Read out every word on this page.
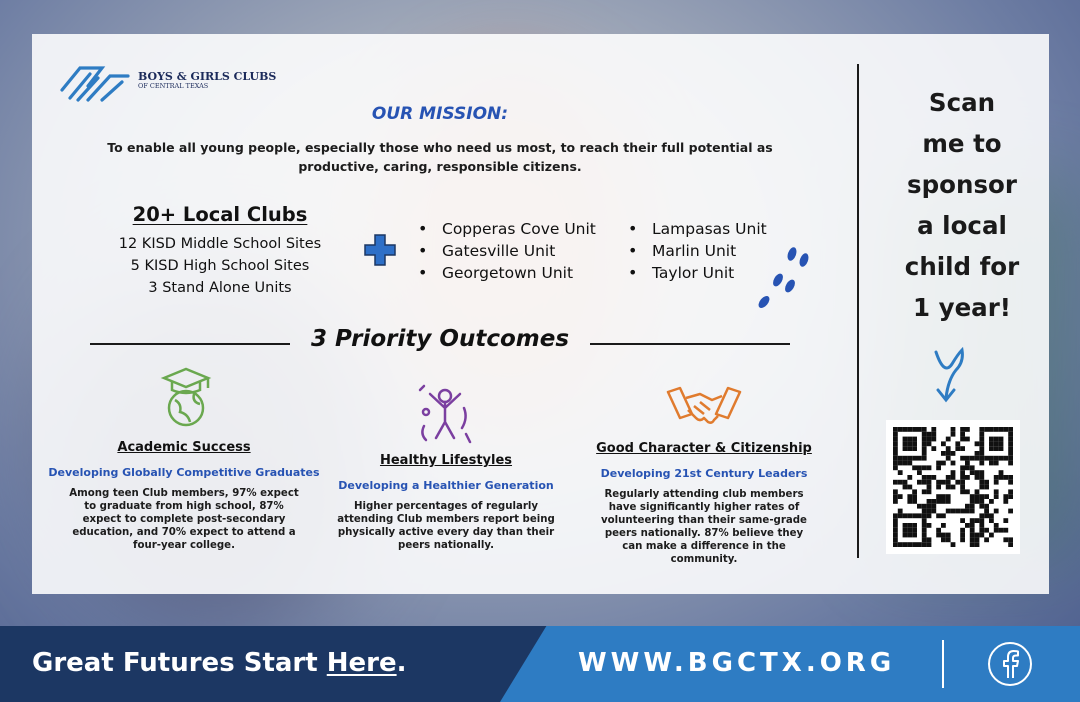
BOYS & GIRLS CLUBS
OF CENTRAL TEXAS
OUR MISSION:
To enable all young people, especially those who need us most, to reach their full potential as productive, caring, responsible citizens.
20+ Local Clubs
12 KISD Middle School Sites
5 KISD High School Sites
3 Stand Alone Units
• Copperas Cove Unit
• Gatesville Unit
• Georgetown Unit
• Lampasas Unit
• Marlin Unit
• Taylor Unit
3 Priority Outcomes
Academic Success
Developing Globally Competitive Graduates
Among teen Club members, 97% expect to graduate from high school, 87% expect to complete post-secondary education, and 70% expect to attend a four-year college.
Healthy Lifestyles
Developing a Healthier Generation
Higher percentages of regularly attending Club members report being physically active every day than their peers nationally.
Good Character & Citizenship
Developing 21st Century Leaders
Regularly attending club members have significantly higher rates of volunteering than their same-grade peers nationally. 87% believe they can make a difference in the community.
Scan
me to
sponsor
a local
child for
1 year!
Great Futures Start Here.	WWW.BGCTX.ORG
